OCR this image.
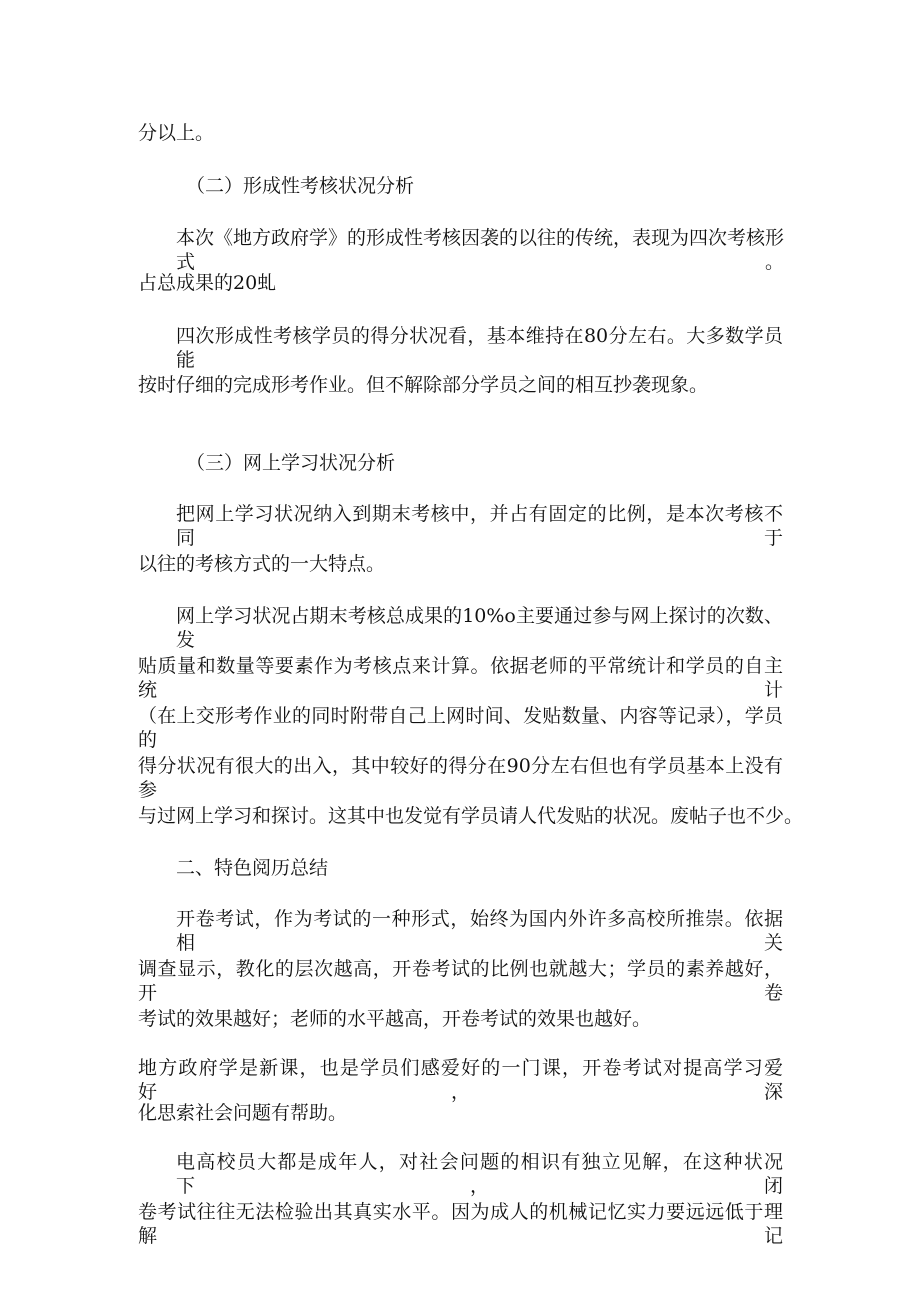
分以上。

（二）形成性考核状况分析

本次《地方政府学》的形成性考核因袭的以往的传统，表现为四次考核形式。

占总成果的20虬

四次形成性考核学员的得分状况看，基本维持在80分左右。大多数学员能

按时仔细的完成形考作业。但不解除部分学员之间的相互抄袭现象。

（三）网上学习状况分析

把网上学习状况纳入到期末考核中，并占有固定的比例，是本次考核不同于

以往的考核方式的一大特点。

网上学习状况占期末考核总成果的10%o主要通过参与网上探讨的次数、发

贴质量和数量等要素作为考核点来计算。依据老师的平常统计和学员的自主统计

（在上交形考作业的同时附带自己上网时间、发贴数量、内容等记录），学员的

得分状况有很大的出入，其中较好的得分在90分左右但也有学员基本上没有参

与过网上学习和探讨。这其中也发觉有学员请人代发贴的状况。废帖子也不少。

二、特色阅历总结

开卷考试，作为考试的一种形式，始终为国内外许多高校所推崇。依据相关

调查显示，教化的层次越高，开卷考试的比例也就越大；学员的素养越好，开卷

考试的效果越好；老师的水平越高，开卷考试的效果也越好。

地方政府学是新课，也是学员们感爱好的一门课，开卷考试对提高学习爱好，深

化思索社会问题有帮助。

电高校员大都是成年人，对社会问题的相识有独立见解，在这种状况下，闭

卷考试往往无法检验出其真实水平。因为成人的机械记忆实力要远远低于理解记
